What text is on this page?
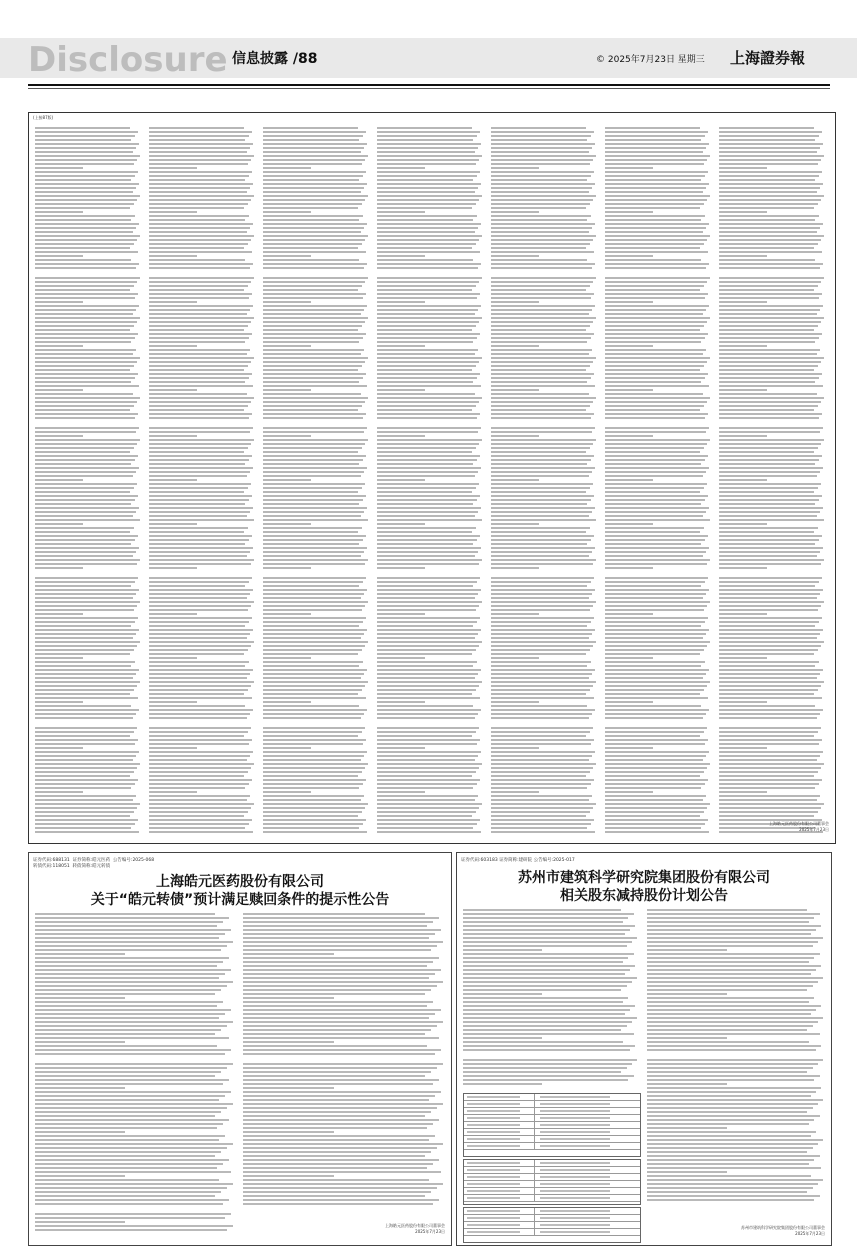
Disclosure 信息披露 /88	© 2025年7月23日 星期三 上海證券報
(上接87版)
上海皓元医药股份有限公司董事会
2025年7月23日
证券代码:688131  证券简称:皓元医药  公告编号:2025-068
转债代码:118051  转债简称:皓元转债
上海皓元医药股份有限公司
关于“皓元转债”预计满足赎回条件的提示性公告
上海皓元医药股份有限公司董事会
2025年7月23日
证券代码:603183 证券简称:建研院 公告编号:2025-017
苏州市建筑科学研究院集团股份有限公司
相关股东减持股份计划公告
苏州市建筑科学研究院集团股份有限公司董事会
2025年7月23日
